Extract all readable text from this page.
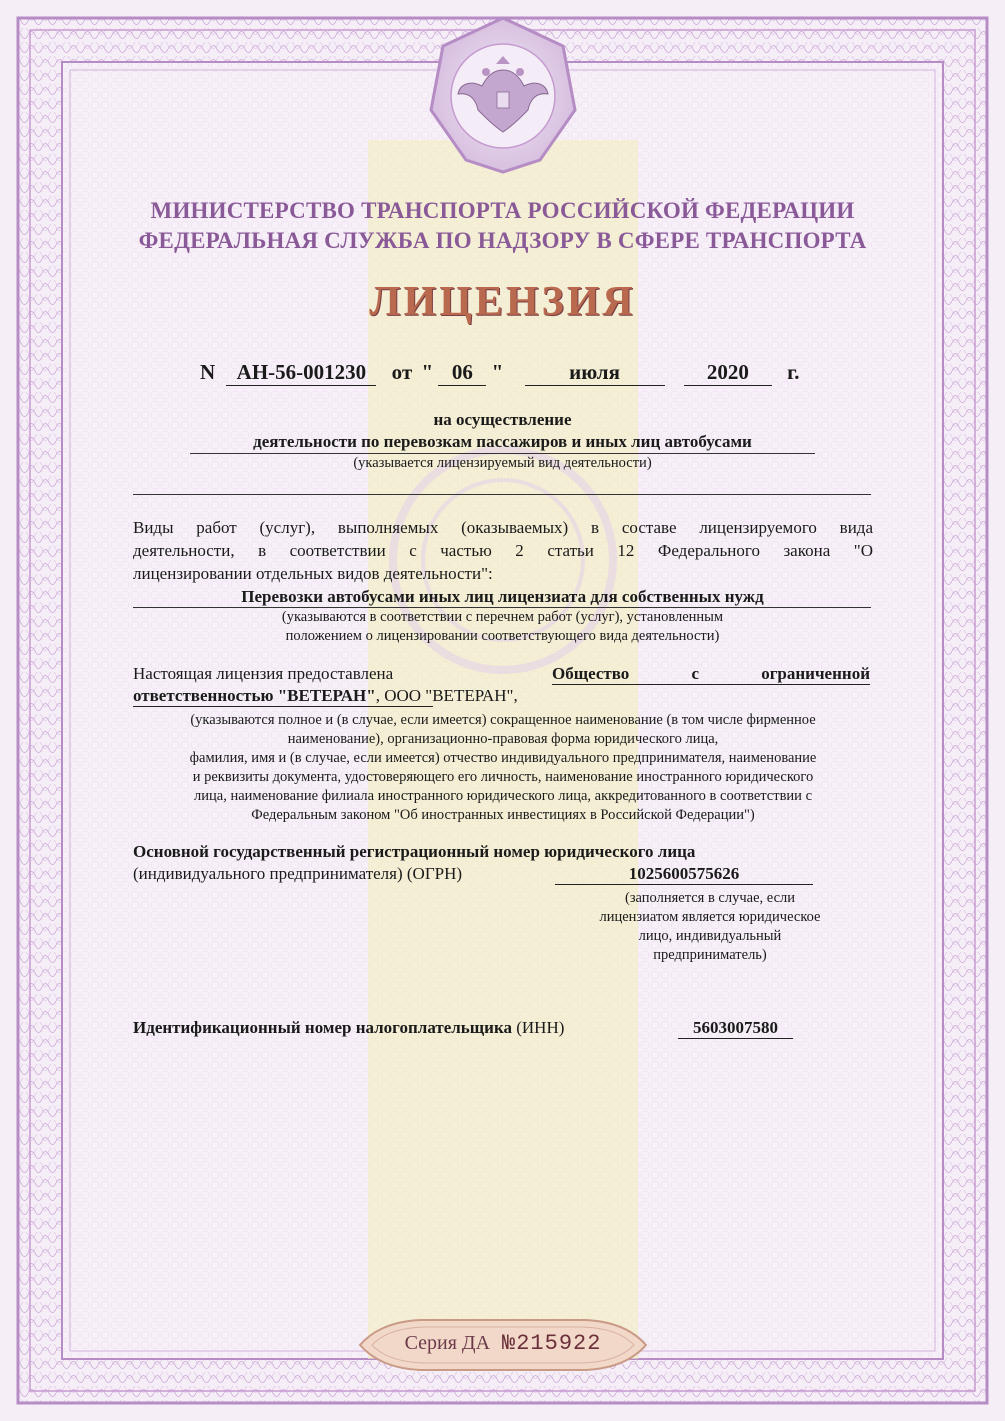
МИНИСТЕРСТВО ТРАНСПОРТА РОССИЙСКОЙ ФЕДЕРАЦИИ
ФЕДЕРАЛЬНАЯ СЛУЖБА ПО НАДЗОРУ В СФЕРЕ ТРАНСПОРТА
ЛИЦЕНЗИЯ
N АН-56-001230 от " 06 "	июля	2020 г.
на осуществление
деятельности по перевозкам пассажиров и иных лиц автобусами
(указывается лицензируемый вид деятельности)
Виды работ (услуг), выполняемых (оказываемых) в составе лицензируемого вида
деятельности, в соответствии с частью 2 статьи 12 Федерального закона "О
лицензировании отдельных видов деятельности":
Перевозки автобусами иных лиц лицензиата для собственных нужд
(указываются в соответствии с перечнем работ (услуг), установленным
положением о лицензировании соответствующего вида деятельности)
Настоящая лицензия предоставлена	Общество с ограниченной
ответственностью "ВЕТЕРАН", ООО "ВЕТЕРАН",
(указываются полное и (в случае, если имеется) сокращенное наименование (в том числе фирменное
наименование), организационно-правовая форма юридического лица,
фамилия, имя и (в случае, если имеется) отчество индивидуального предпринимателя, наименование
и реквизиты документа, удостоверяющего его личность, наименование иностранного юридического
лица, наименование филиала иностранного юридического лица, аккредитованного в соответствии с
Федеральным законом "Об иностранных инвестициях в Российской Федерации")
Основной государственный регистрационный номер юридического лица
(индивидуального предпринимателя) (ОГРН)	1025600575626
(заполняется в случае, если
лицензиатом является юридическое
лицо, индивидуальный
предприниматель)
Идентификационный номер налогоплательщика (ИНН)	5603007580
Серия ДА №215922
